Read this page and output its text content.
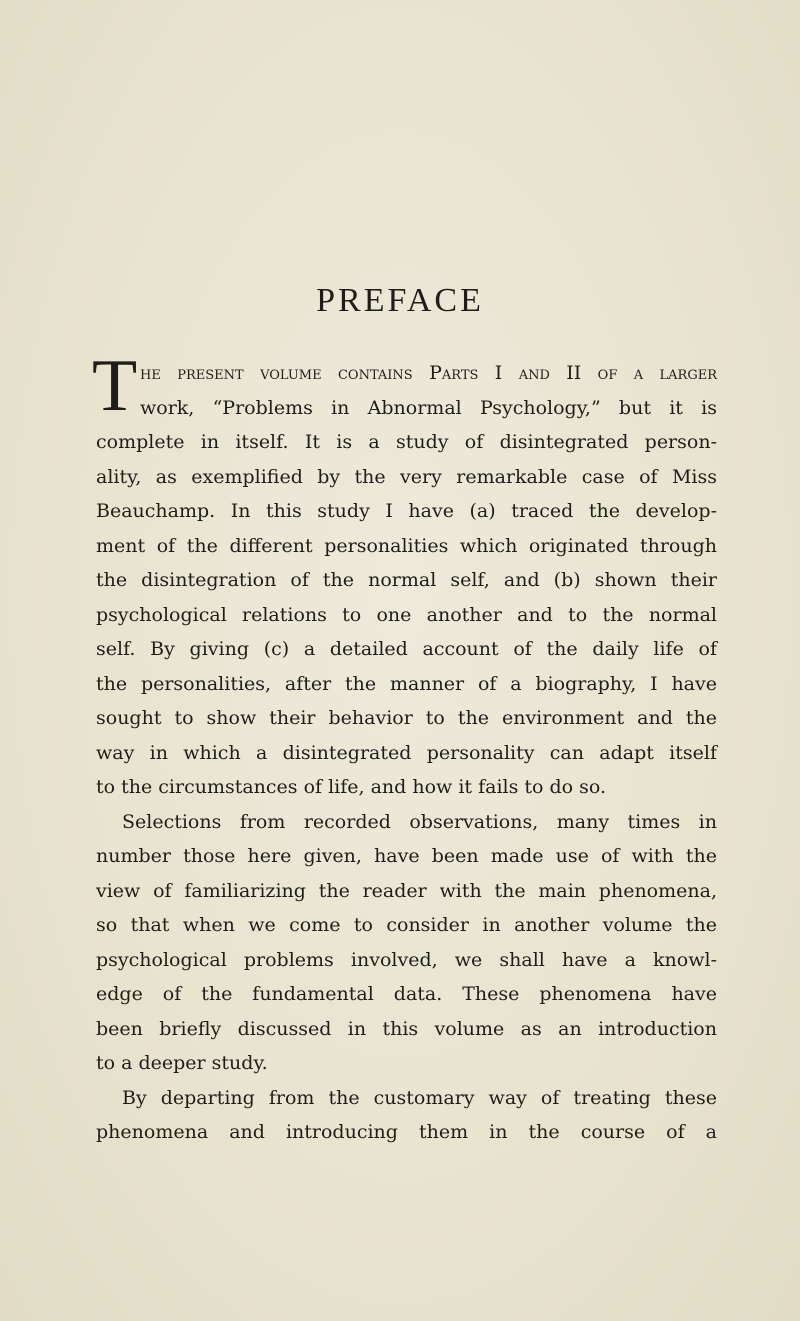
PREFACE
T he present volume contains Parts I and II of a larger
work, “Problems in Abnormal Psychology,” but it is
complete in itself. It is a study of disintegrated person-
ality, as exemplified by the very remarkable case of Miss
Beauchamp. In this study I have (a) traced the develop-
ment of the different personalities which originated through
the disintegration of the normal self, and (b) shown their
psychological relations to one another and to the normal
self. By giving (c) a detailed account of the daily life of
the personalities, after the manner of a biography, I have
sought to show their behavior to the environment and the
way in which a disintegrated personality can adapt itself
to the circumstances of life, and how it fails to do so.
Selections from recorded observations, many times in
number those here given, have been made use of with the
view of familiarizing the reader with the main phenomena,
so that when we come to consider in another volume the
psychological problems involved, we shall have a knowl-
edge of the fundamental data. These phenomena have
been briefly discussed in this volume as an introduction
to a deeper study.
By departing from the customary way of treating these
phenomena and introducing them in the course of a
